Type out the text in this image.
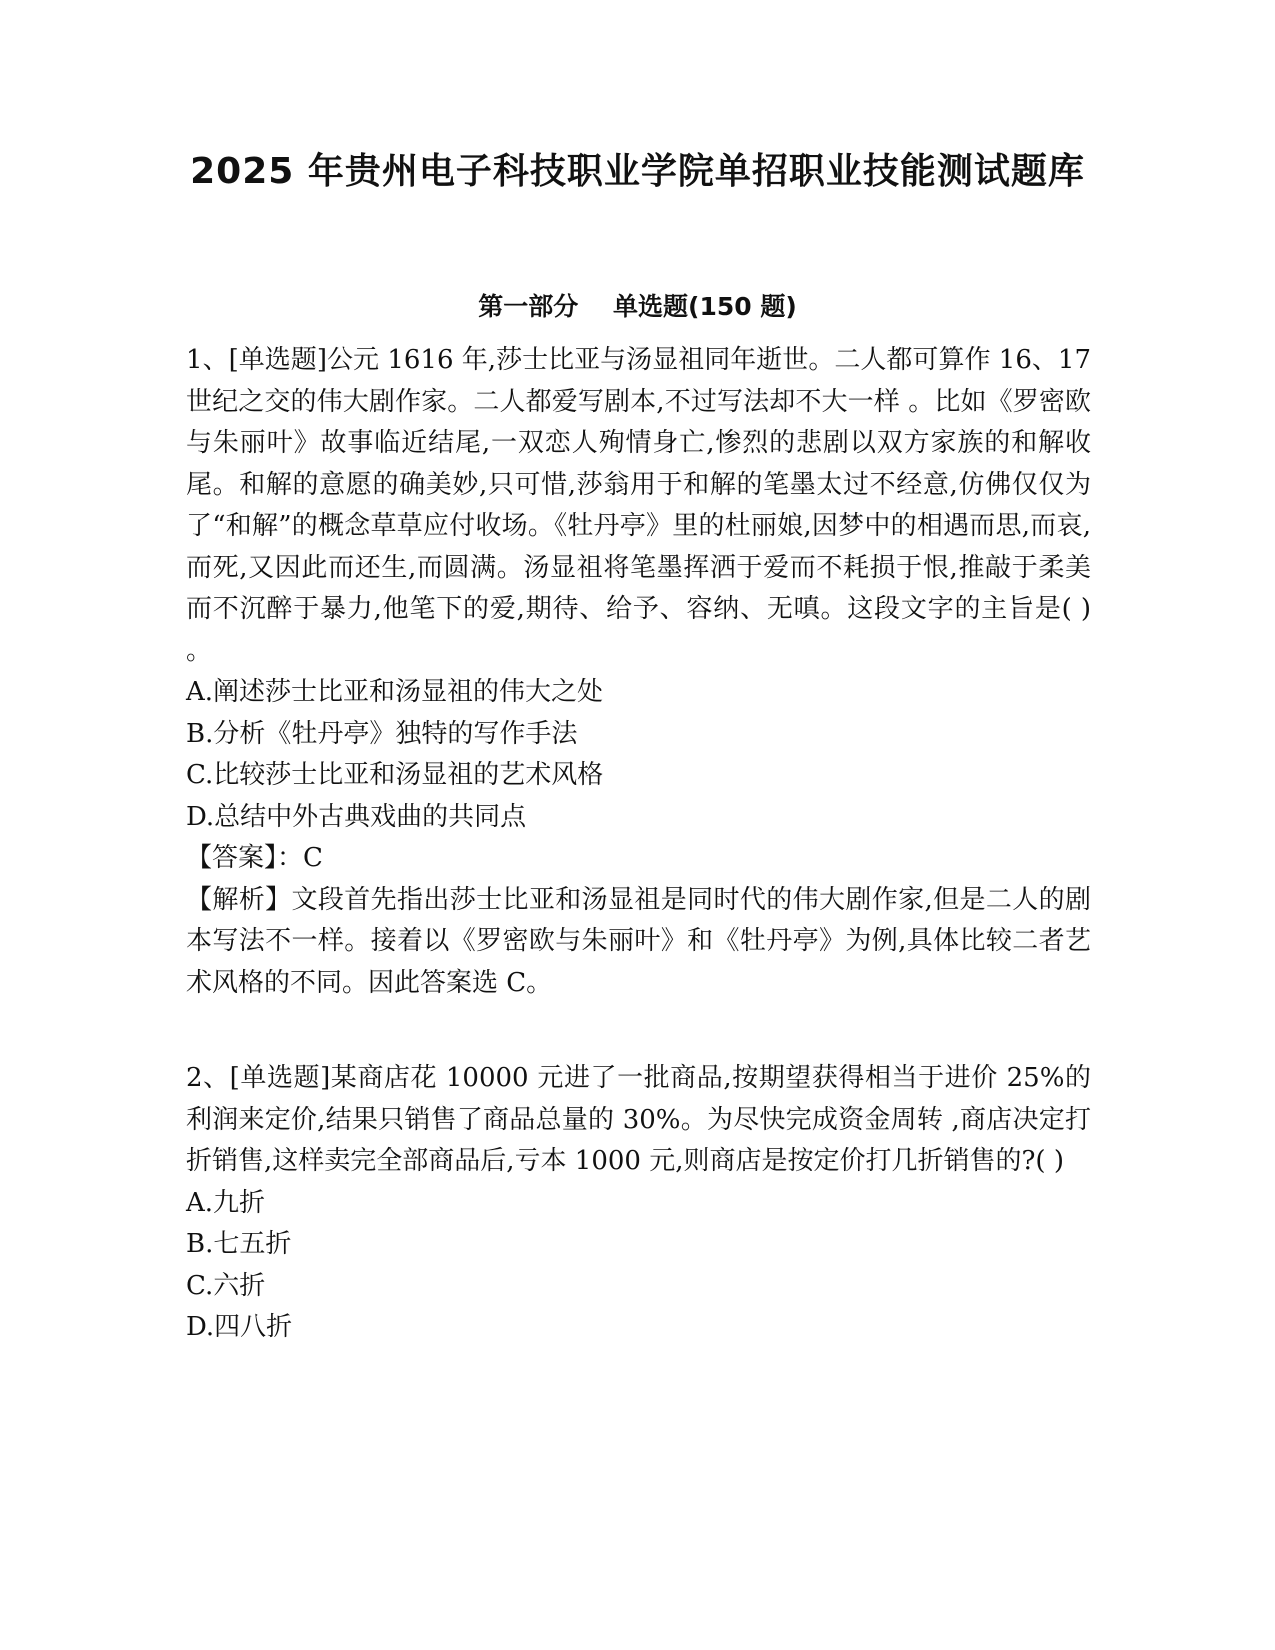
2025 年贵州电子科技职业学院单招职业技能测试题库
第一部分    单选题(150 题)

1、[单选题]公元 1616 年,莎士比亚与汤显祖同年逝世。二人都可算作 16、17 世纪之交的伟大剧作家。二人都爱写剧本,不过写法却不大一样 。比如《罗密欧与朱丽叶》故事临近结尾,一双恋人殉情身亡,惨烈的悲剧以双方家族的和解收尾。和解的意愿的确美妙,只可惜,莎翁用于和解的笔墨太过不经意,仿佛仅仅为了“和解”的概念草草应付收场。《牡丹亭》里的杜丽娘,因梦中的相遇而思,而哀,而死,又因此而还生,而圆满。汤显祖将笔墨挥洒于爱而不耗损于恨,推敲于柔美而不沉醉于暴力,他笔下的爱,期待、给予、容纳、无嗔。这段文字的主旨是( ) 。

A.阐述莎士比亚和汤显祖的伟大之处
B.分析《牡丹亭》独特的写作手法
C.比较莎士比亚和汤显祖的艺术风格
D.总结中外古典戏曲的共同点

【答案】：C

【解析】文段首先指出莎士比亚和汤显祖是同时代的伟大剧作家,但是二人的剧本写法不一样。接着以《罗密欧与朱丽叶》和《牡丹亭》为例,具体比较二者艺术风格的不同。因此答案选 C。

2、[单选题]某商店花 10000 元进了一批商品,按期望获得相当于进价 25%的利润来定价,结果只销售了商品总量的 30%。为尽快完成资金周转 ,商店决定打折销售,这样卖完全部商品后,亏本 1000 元,则商店是按定价打几折销售的?( )

A.九折
B.七五折
C.六折
D.四八折
